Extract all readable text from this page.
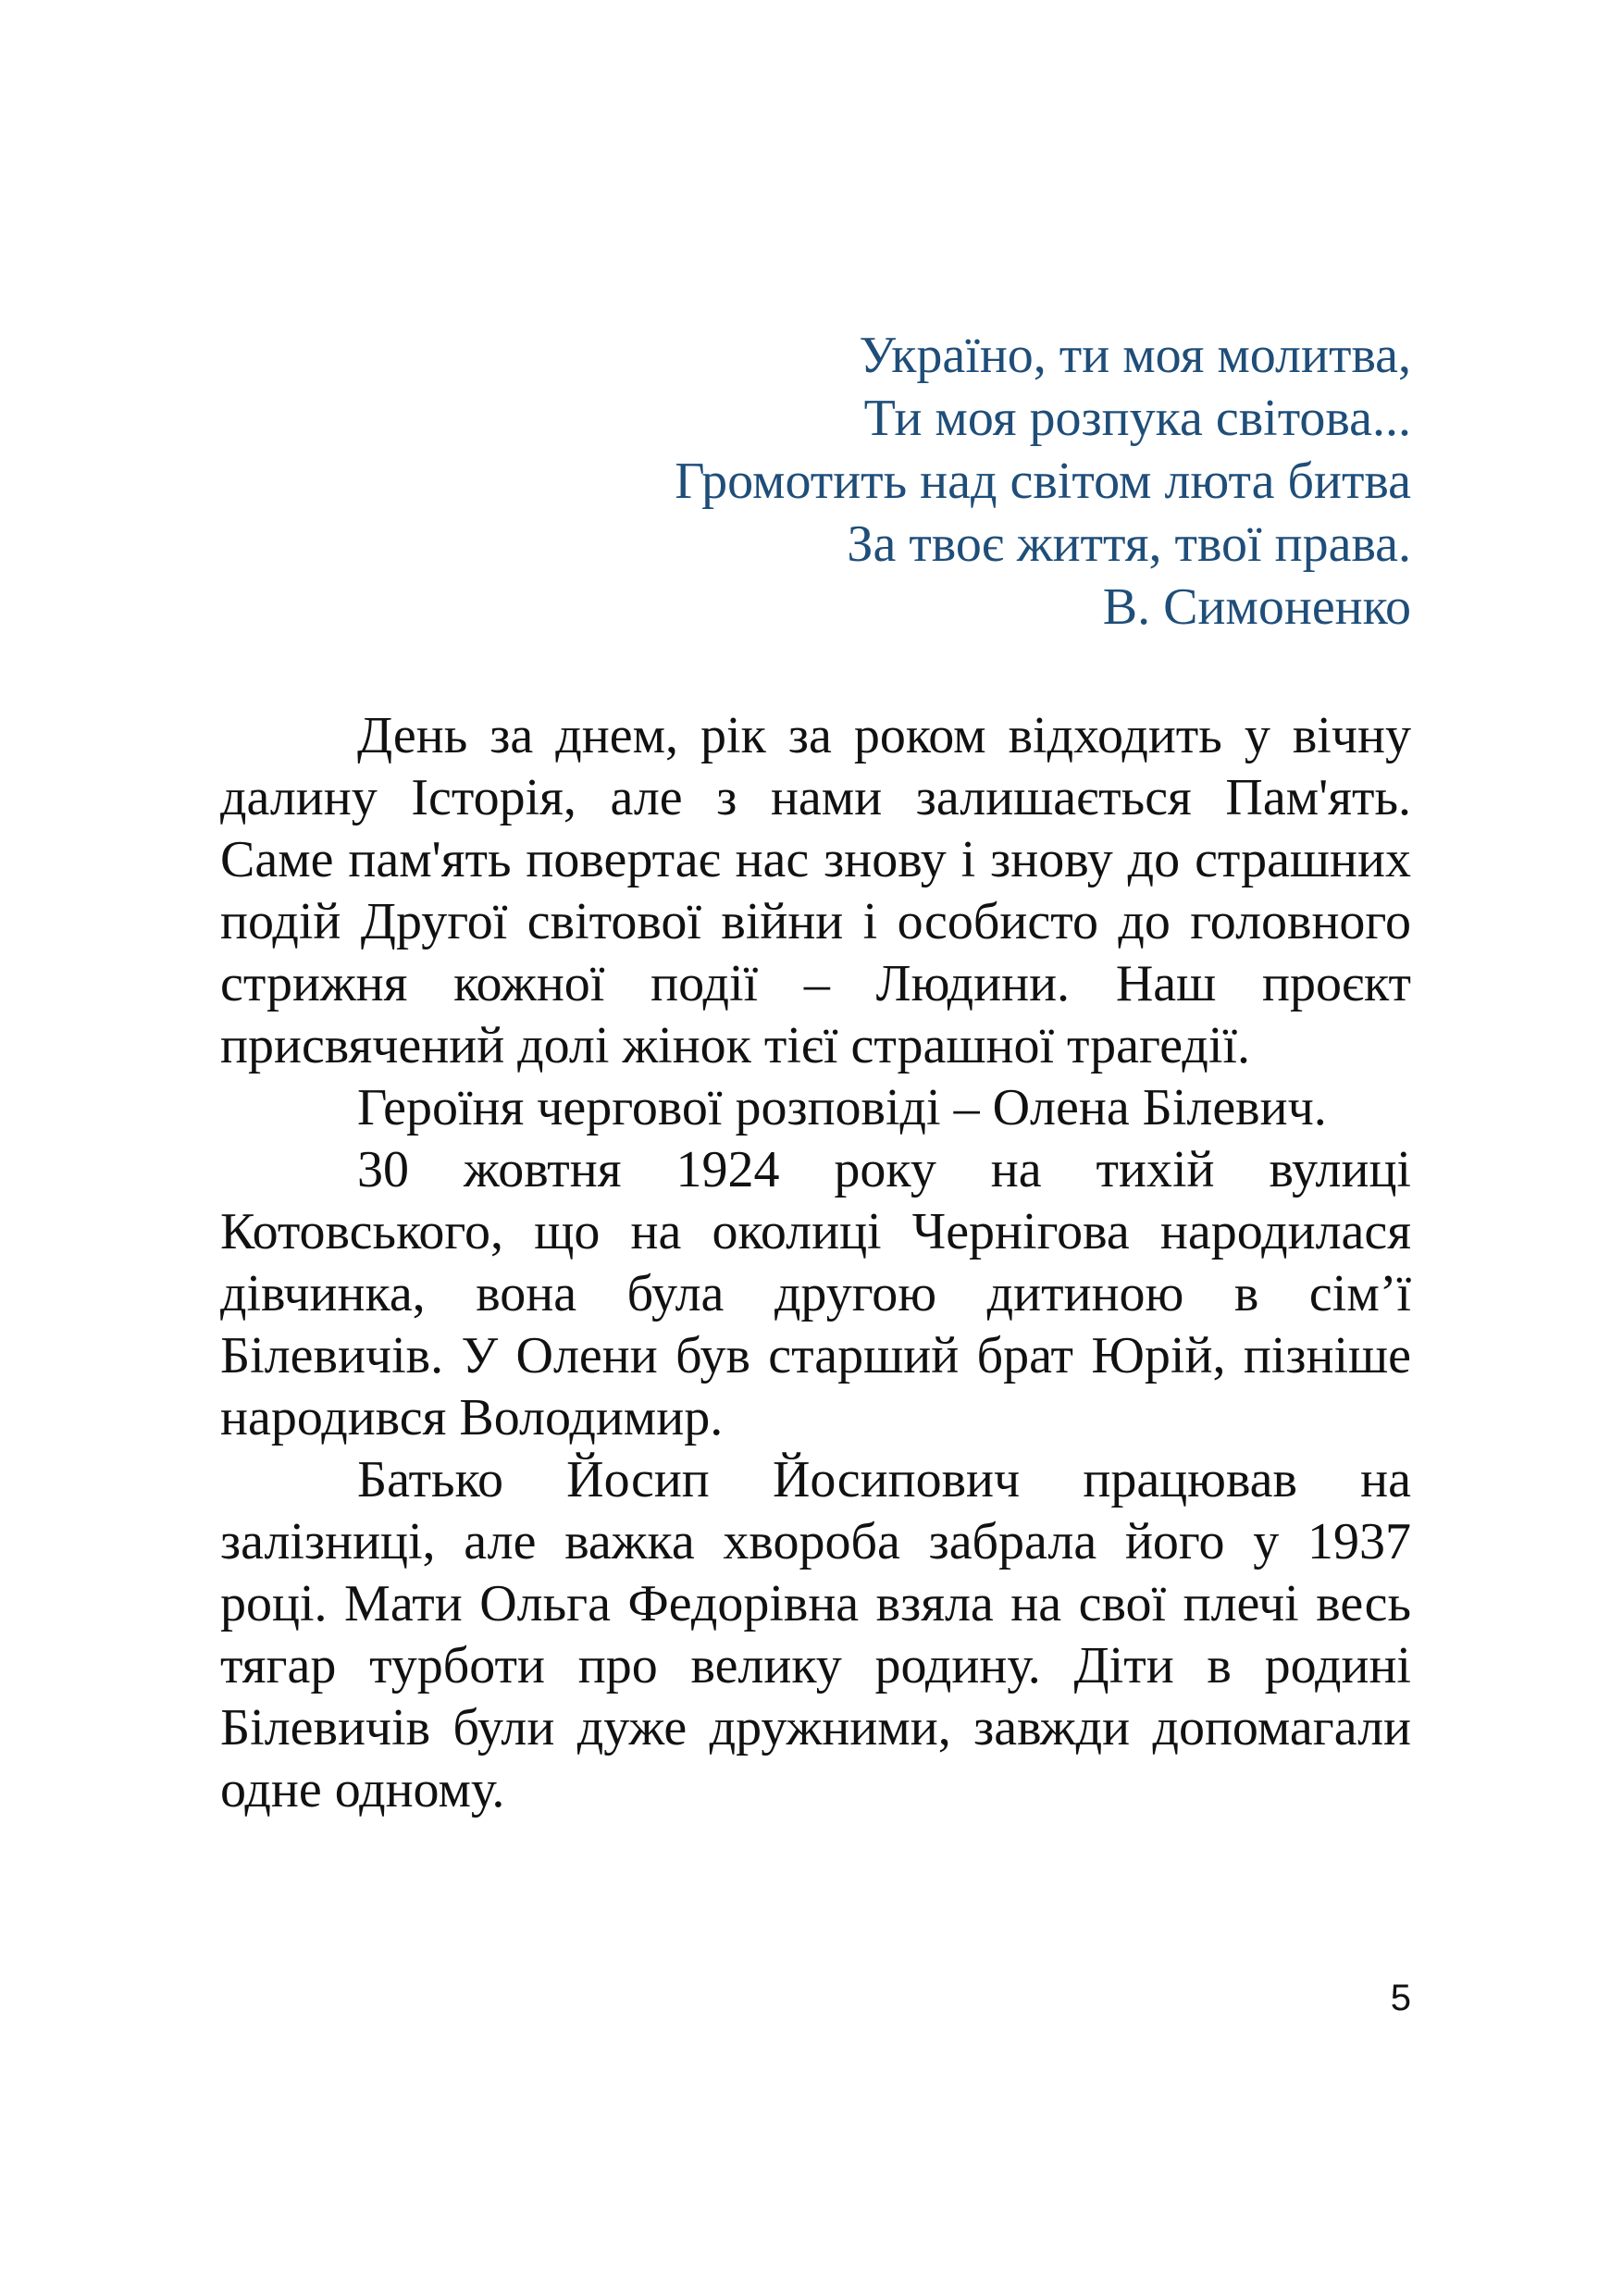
Україно, ти моя молитва,
Ти моя розпука світова...
Громотить над світом люта битва
За твоє життя, твої права.
В. Симоненко

День за днем, рік за роком відходить у вічну далину Історія, але з нами залишається Пам'ять. Саме пам'ять повертає нас знову і знову до страшних подій Другої світової війни і особисто до головного стрижня кожної події – Людини. Наш проєкт присвячений долі жінок тієї страшної трагедії.

Героїня чергової розповіді – Олена Білевич.

30 жовтня 1924 року на тихій вулиці Котовського, що на околиці Чернігова народилася дівчинка, вона була другою дитиною в сім’ї Білевичів. У Олени був старший брат Юрій, пізніше народився Володимир.

Батько Йосип Йосипович працював на залізниці, але важка хвороба забрала його у 1937 році. Мати Ольга Федорівна взяла на свої плечі весь тягар турботи про велику родину. Діти в родині Білевичів були дуже дружними, завжди допомагали одне одному.

5
